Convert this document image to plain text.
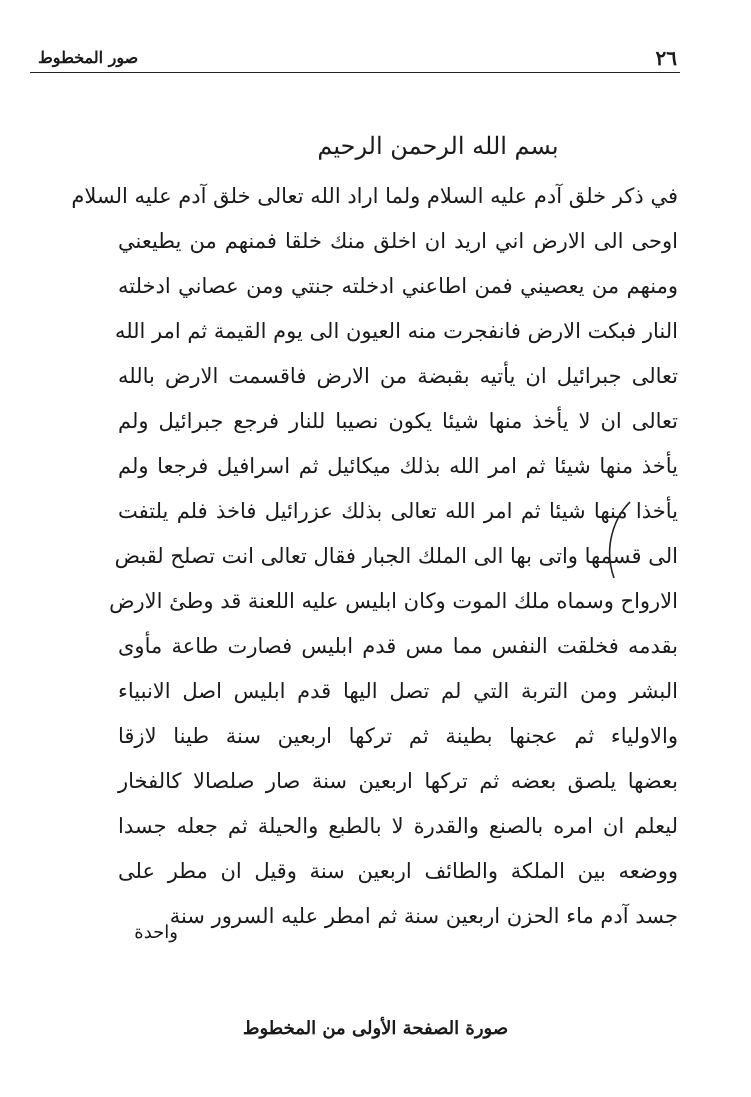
٢٦
صور المخطوط
بسم الله الرحمن الرحيم
في ذكر خلق آدم عليه السلام ولما اراد الله تعالى خلق آدم عليه السلام
اوحى الى الارض اني اريد ان اخلق منك خلقا فمنهم من يطيعني
ومنهم من يعصيني فمن اطاعني ادخلته جنتي ومن عصاني ادخلته
النار فبكت الارض فانفجرت منه العيون الى يوم القيمة ثم امر الله
تعالى جبرائيل ان يأتيه بقبضة من الارض فاقسمت الارض بالله
تعالى ان لا يأخذ منها شيئا يكون نصيبا للنار فرجع جبرائيل ولم
يأخذ منها شيئا ثم امر الله بذلك ميكائيل ثم اسرافيل فرجعا ولم
يأخذا منها شيئا ثم امر الله تعالى بذلك عزرائيل فاخذ فلم يلتفت
الى قسمها واتى بها الى الملك الجبار فقال تعالى انت تصلح لقبض
الارواح وسماه ملك الموت وكان ابليس عليه اللعنة قد وطئ الارض
بقدمه فخلقت النفس مما مس قدم ابليس فصارت طاعة مأوى
البشر ومن التربة التي لم تصل اليها قدم ابليس اصل الانبياء
والاولياء ثم عجنها بطينة ثم تركها اربعين سنة طينا لازقا
بعضها يلصق بعضه ثم تركها اربعين سنة صار صلصالا كالفخار
ليعلم ان امره بالصنع والقدرة لا بالطبع والحيلة ثم جعله جسدا
ووضعه بين الملكة والطائف اربعين سنة وقيل ان مطر على
جسد آدم ماء الحزن اربعين سنة ثم امطر عليه السرور سنة
واحدة
صورة الصفحة الأولى من المخطوط
